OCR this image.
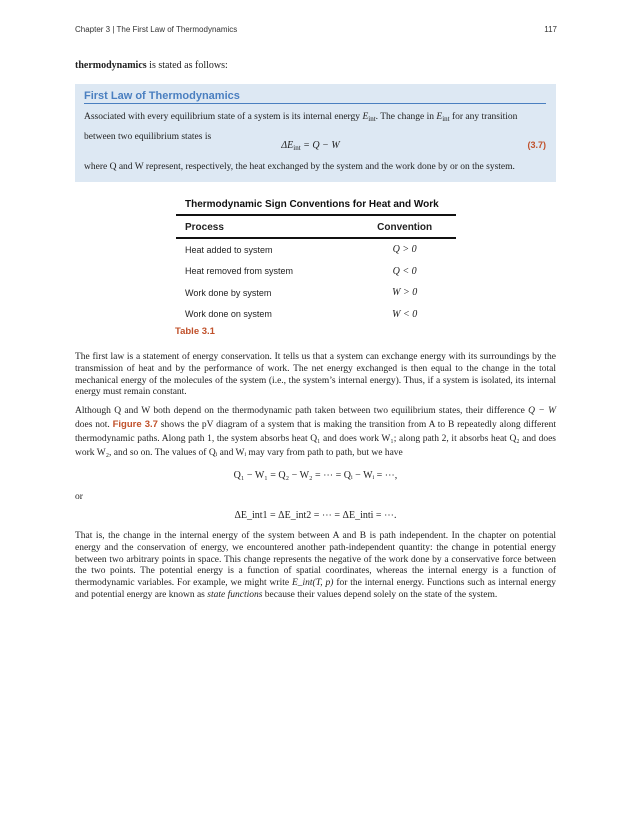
Chapter 3 | The First Law of Thermodynamics	117
thermodynamics is stated as follows:
First Law of Thermodynamics
Associated with every equilibrium state of a system is its internal energy $E_{int}$. The change in $E_{int}$ for any transition between two equilibrium states is
$\Delta E_{int} = Q - W$	(3.7)
where Q and W represent, respectively, the heat exchanged by the system and the work done by or on the system.
Thermodynamic Sign Conventions for Heat and Work
Process	Convention
Heat added to system	Q > 0
Heat removed from system	Q < 0
Work done by system	W > 0
Work done on system	W < 0
Table 3.1
The first law is a statement of energy conservation. It tells us that a system can exchange energy with its surroundings by the transmission of heat and by the performance of work. The net energy exchanged is then equal to the change in the total mechanical energy of the molecules of the system (i.e., the system’s internal energy). Thus, if a system is isolated, its internal energy must remain constant.
Although Q and W both depend on the thermodynamic path taken between two equilibrium states, their difference Q − W does not. Figure 3.7 shows the pV diagram of a system that is making the transition from A to B repeatedly along different thermodynamic paths. Along path 1, the system absorbs heat Q₁ and does work W₁; along path 2, it absorbs heat Q₂ and does work W₂, and so on. The values of Qᵢ and Wᵢ may vary from path to path, but we have
Q₁ − W₁ = Q₂ − W₂ = ⋯ = Qᵢ − Wᵢ = ⋯,
or
ΔE_int1 = ΔE_int2 = ⋯ = ΔE_inti = ⋯.
That is, the change in the internal energy of the system between A and B is path independent. In the chapter on potential energy and the conservation of energy, we encountered another path-independent quantity: the change in potential energy between two arbitrary points in space. This change represents the negative of the work done by a conservative force between the two points. The potential energy is a function of spatial coordinates, whereas the internal energy is a function of thermodynamic variables. For example, we might write E_int(T, p) for the internal energy. Functions such as internal energy and potential energy are known as state functions because their values depend solely on the state of the system.
